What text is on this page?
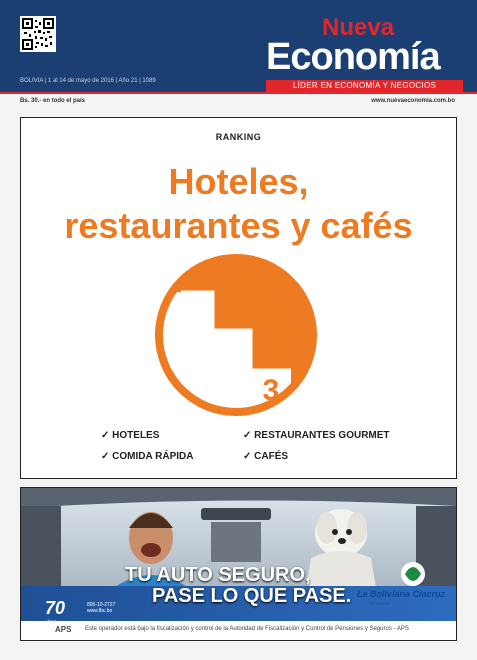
Nueva
Economía
LÍDER EN ECONOMÍA Y NEGOCIOS
BOLIVIA | 1 al 14 de mayo de 2016 | Año 21 | 1089
Bs. 30.- en todo el país	www.nuevaeconomia.com.bo
RANKING
Hoteles,
restaurantes y cafés
1
2
3
✓ HOTELES	✓ RESTAURANTES GOURMET
✓ COMIDA RÁPIDA	✓ CAFÉS
TU AUTO SEGURO,
PASE LO QUE PASE.
70	800-10-2727
www.lbc.bo
La Boliviana Ciacruz
SEGUROS
APS Este operador está bajo la fiscalización y control de la Autoridad de Fiscalización y Control de Pensiones y Seguros - APS
